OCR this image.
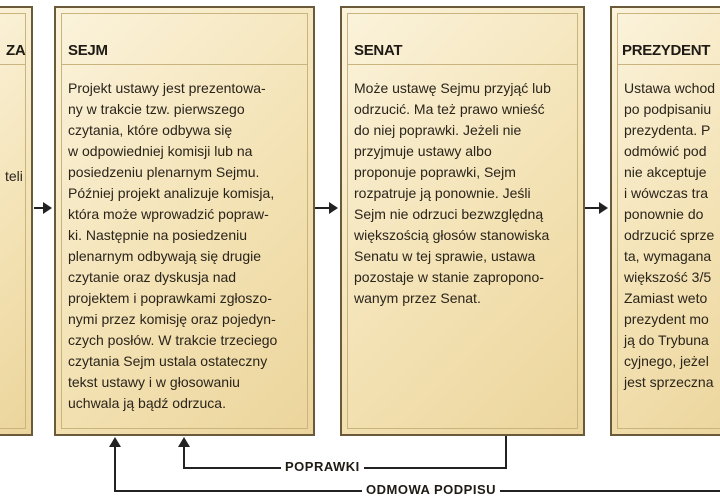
ZA
teli
SEJM
Projekt ustawy jest prezentowa-
ny w trakcie tzw. pierwszego
czytania, które odbywa się
w odpowiedniej komisji lub na
posiedzeniu plenarnym Sejmu.
Później projekt analizuje komisja,
która może wprowadzić popraw-
ki. Następnie na posiedzeniu
plenarnym odbywają się drugie
czytanie oraz dyskusja nad
projektem i poprawkami zgłoszo-
nymi przez komisję oraz pojedyn-
czych posłów. W trakcie trzeciego
czytania Sejm ustala ostateczny
tekst ustawy i w głosowaniu
uchwala ją bądź odrzuca.
SENAT
Może ustawę Sejmu przyjąć lub
odrzucić. Ma też prawo wnieść
do niej poprawki. Jeżeli nie
przyjmuje ustawy albo
proponuje poprawki, Sejm
rozpatruje ją ponownie. Jeśli
Sejm nie odrzuci bezwzględną
większością głosów stanowiska
Senatu w tej sprawie, ustawa
pozostaje w stanie zapropono-
wanym przez Senat.
PREZYDENT
Ustawa wchod
po podpisaniu
prezydenta. P
odmówić pod
nie akceptuje
i wówczas tra
ponownie do
odrzucić sprze
ta, wymagana
większość 3/5
Zamiast weto
prezydent mo
ją do Trybuna
cyjnego, jeżel
jest sprzeczna
POPRAWKI
ODMOWA PODPISU
